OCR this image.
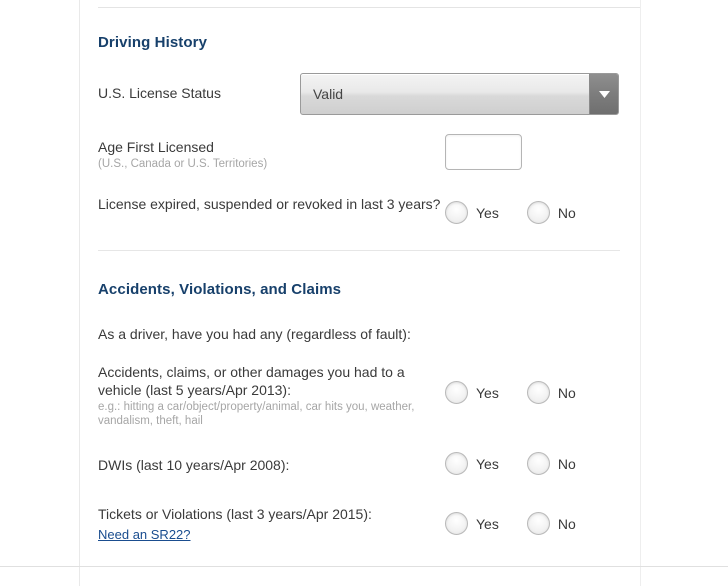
Driving History
U.S. License Status	Valid
Age First Licensed
(U.S., Canada or U.S. Territories)
License expired, suspended or revoked in last 3 years?
Yes	No
Accidents, Violations, and Claims
As a driver, have you had any (regardless of fault):
Accidents, claims, or other damages you had to a vehicle (last 5 years/Apr 2013):
e.g.: hitting a car/object/property/animal, car hits you, weather, vandalism, theft, hail
Yes	No
DWIs (last 10 years/Apr 2008):	Yes	No
Tickets or Violations (last 3 years/Apr 2015):
Need an SR22?
Yes	No
